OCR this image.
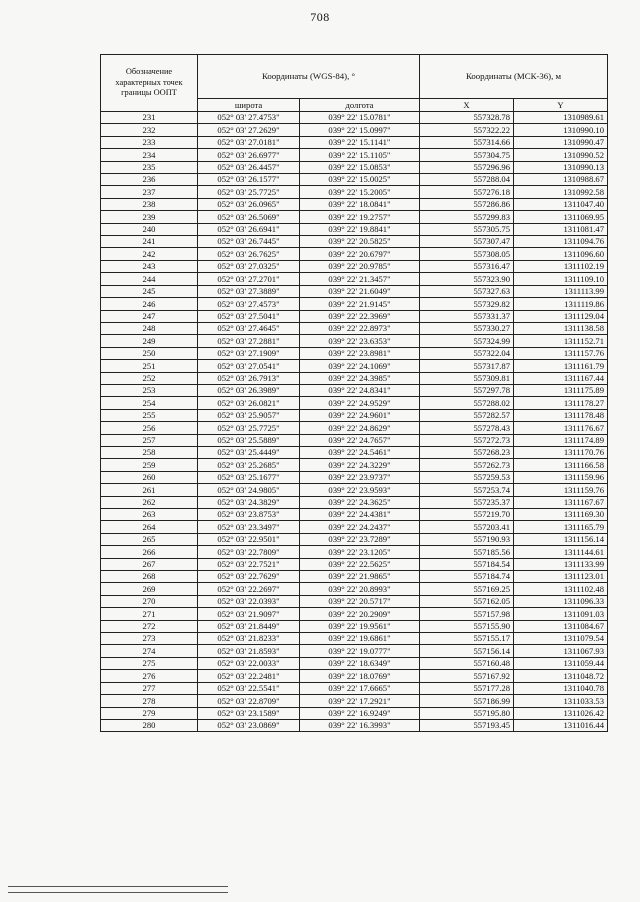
708
Обозначение характерных точек границы ООПТ	Координаты (WGS-84), °		Координаты (МСК-36), м	
	широта	долгота	X	Y
231	052° 03' 27.4753"	039° 22' 15.0781"	557328.78	1310989.61
232	052° 03' 27.2629"	039° 22' 15.0997"	557322.22	1310990.10
233	052° 03' 27.0181"	039° 22' 15.1141"	557314.66	1310990.47
234	052° 03' 26.6977"	039° 22' 15.1105"	557304.75	1310990.52
235	052° 03' 26.4457"	039° 22' 15.0853"	557296.96	1310990.13
236	052° 03' 26.1577"	039° 22' 15.0025"	557288.04	1310988.67
237	052° 03' 25.7725"	039° 22' 15.2005"	557276.18	1310992.58
238	052° 03' 26.0965"	039° 22' 18.0841"	557286.86	1311047.40
239	052° 03' 26.5069"	039° 22' 19.2757"	557299.83	1311069.95
240	052° 03' 26.6941"	039° 22' 19.8841"	557305.75	1311081.47
241	052° 03' 26.7445"	039° 22' 20.5825"	557307.47	1311094.76
242	052° 03' 26.7625"	039° 22' 20.6797"	557308.05	1311096.60
243	052° 03' 27.0325"	039° 22' 20.9785"	557316.47	1311102.19
244	052° 03' 27.2701"	039° 22' 21.3457"	557323.90	1311109.10
245	052° 03' 27.3889"	039° 22' 21.6049"	557327.63	1311113.99
246	052° 03' 27.4573"	039° 22' 21.9145"	557329.82	1311119.86
247	052° 03' 27.5041"	039° 22' 22.3969"	557331.37	1311129.04
248	052° 03' 27.4645"	039° 22' 22.8973"	557330.27	1311138.58
249	052° 03' 27.2881"	039° 22' 23.6353"	557324.99	1311152.71
250	052° 03' 27.1909"	039° 22' 23.8981"	557322.04	1311157.76
251	052° 03' 27.0541"	039° 22' 24.1069"	557317.87	1311161.79
252	052° 03' 26.7913"	039° 22' 24.3985"	557309.81	1311167.44
253	052° 03' 26.3989"	039° 22' 24.8341"	557297.78	1311175.89
254	052° 03' 26.0821"	039° 22' 24.9529"	557288.02	1311178.27
255	052° 03' 25.9057"	039° 22' 24.9601"	557282.57	1311178.48
256	052° 03' 25.7725"	039° 22' 24.8629"	557278.43	1311176.67
257	052° 03' 25.5889"	039° 22' 24.7657"	557272.73	1311174.89
258	052° 03' 25.4449"	039° 22' 24.5461"	557268.23	1311170.76
259	052° 03' 25.2685"	039° 22' 24.3229"	557262.73	1311166.58
260	052° 03' 25.1677"	039° 22' 23.9737"	557259.53	1311159.96
261	052° 03' 24.9805"	039° 22' 23.9593"	557253.74	1311159.76
262	052° 03' 24.3829"	039° 22' 24.3625"	557235.37	1311167.67
263	052° 03' 23.8753"	039° 22' 24.4381"	557219.70	1311169.30
264	052° 03' 23.3497"	039° 22' 24.2437"	557203.41	1311165.79
265	052° 03' 22.9501"	039° 22' 23.7289"	557190.93	1311156.14
266	052° 03' 22.7809"	039° 22' 23.1205"	557185.56	1311144.61
267	052° 03' 22.7521"	039° 22' 22.5625"	557184.54	1311133.99
268	052° 03' 22.7629"	039° 22' 21.9865"	557184.74	1311123.01
269	052° 03' 22.2697"	039° 22' 20.8993"	557169.25	1311102.48
270	052° 03' 22.0393"	039° 22' 20.5717"	557162.05	1311096.33
271	052° 03' 21.9097"	039° 22' 20.2909"	557157.98	1311091.03
272	052° 03' 21.8449"	039° 22' 19.9561"	557155.90	1311084.67
273	052° 03' 21.8233"	039° 22' 19.6861"	557155.17	1311079.54
274	052° 03' 21.8593"	039° 22' 19.0777"	557156.14	1311067.93
275	052° 03' 22.0033"	039° 22' 18.6349"	557160.48	1311059.44
276	052° 03' 22.2481"	039° 22' 18.0769"	557167.92	1311048.72
277	052° 03' 22.5541"	039° 22' 17.6665"	557177.28	1311040.78
278	052° 03' 22.8709"	039° 22' 17.2921"	557186.99	1311033.53
279	052° 03' 23.1589"	039° 22' 16.9249"	557195.80	1311026.42
280	052° 03' 23.0869"	039° 22' 16.3993"	557193.45	1311016.44
